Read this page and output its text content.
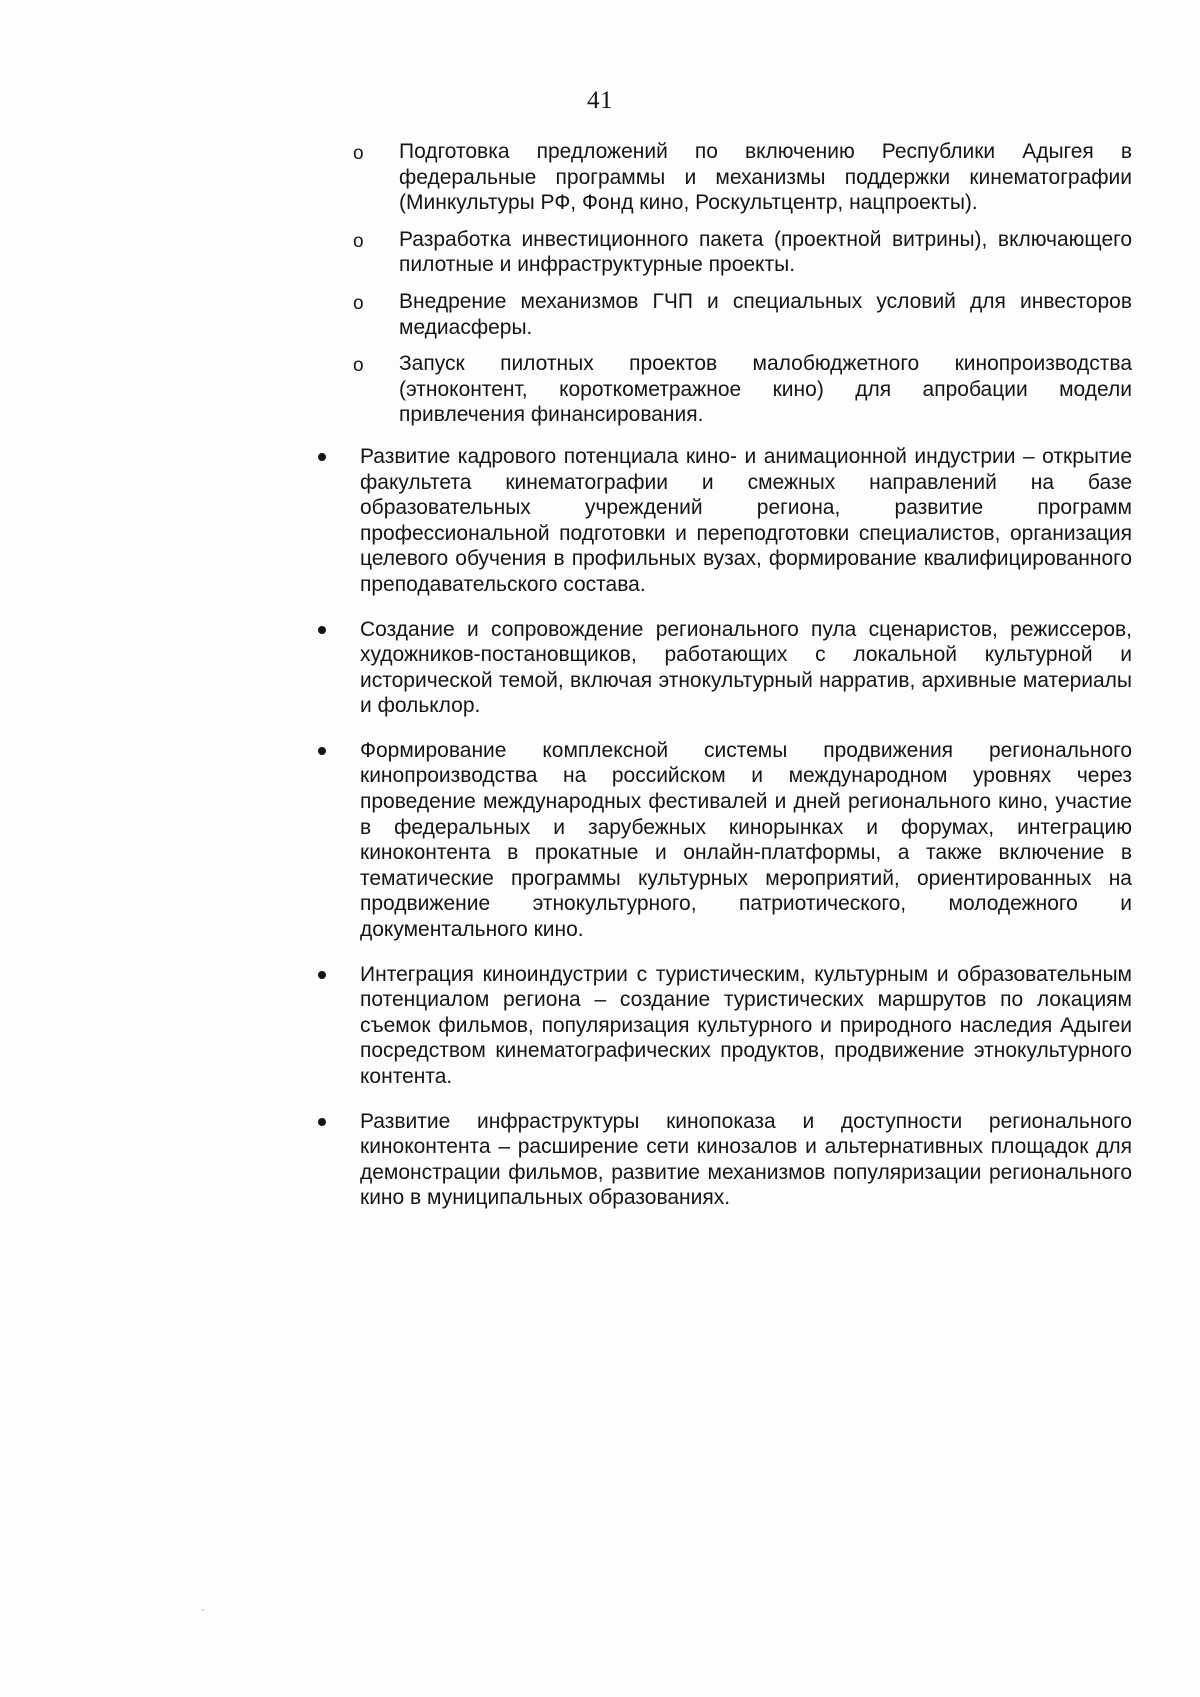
41
o Подготовка предложений по включению Республики Адыгея в федеральные программы и механизмы поддержки кинематографии (Минкультуры РФ, Фонд кино, Роскультцентр, нацпроекты).
o Разработка инвестиционного пакета (проектной витрины), включающего пилотные и инфраструктурные проекты.
o Внедрение механизмов ГЧП и специальных условий для инвесторов медиасферы.
o Запуск пилотных проектов малобюджетного кинопроизводства (этноконтент, короткометражное кино) для апробации модели привлечения финансирования.
Развитие кадрового потенциала кино- и анимационной индустрии – открытие факультета кинематографии и смежных направлений на базе образовательных учреждений региона, развитие программ профессиональной подготовки и переподготовки специалистов, организация целевого обучения в профильных вузах, формирование квалифицированного преподавательского состава.
Создание и сопровождение регионального пула сценаристов, режиссеров, художников-постановщиков, работающих с локальной культурной и исторической темой, включая этнокультурный нарратив, архивные материалы и фольклор.
Формирование комплексной системы продвижения регионального кинопроизводства на российском и международном уровнях через проведение международных фестивалей и дней регионального кино, участие в федеральных и зарубежных кинорынках и форумах, интеграцию киноконтента в прокатные и онлайн-платформы, а также включение в тематические программы культурных мероприятий, ориентированных на продвижение этнокультурного, патриотического, молодежного и документального кино.
Интеграция киноиндустрии с туристическим, культурным и образовательным потенциалом региона – создание туристических маршрутов по локациям съемок фильмов, популяризация культурного и природного наследия Адыгеи посредством кинематографических продуктов, продвижение этнокультурного контента.
Развитие инфраструктуры кинопоказа и доступности регионального киноконтента – расширение сети кинозалов и альтернативных площадок для демонстрации фильмов, развитие механизмов популяризации регионального кино в муниципальных образованиях.
